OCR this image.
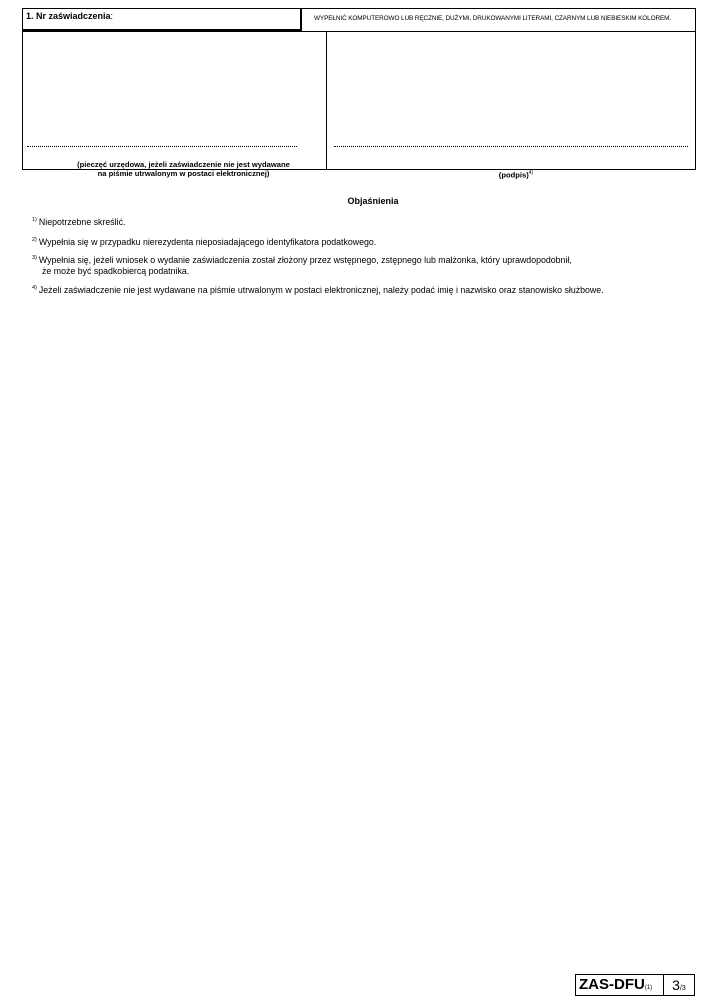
1. Nr zaświadczenia:	WYPEŁNIĆ KOMPUTEROWO LUB RĘCZNIE, DUŻYMI, DRUKOWANYMI LITERAMI, CZARNYM LUB NIEBIESKIM KOLOREM.
(pieczęć urzędowa, jeżeli zaświadczenie nie jest wydawane
na piśmie utrwalonym w postaci elektronicznej)	(podpis)$^{4)}$
Objaśnienia
$^{1)}$ Niepotrzebne skreślić.
$^{2)}$ Wypełnia się w przypadku nierezydenta nieposiadającego identyfikatora podatkowego.
$^{3)}$ Wypełnia się, jeżeli wniosek o wydanie zaświadczenia został złożony przez wstępnego, zstępnego lub małżonka, który uprawdopodobnił,
że może być spadkobiercą podatnika.
$^{4)}$ Jeżeli zaświadczenie nie jest wydawane na piśmie utrwalonym w postaci elektronicznej, należy podać imię i nazwisko oraz stanowisko służbowe.
ZAS-DFU(1)	3/3
